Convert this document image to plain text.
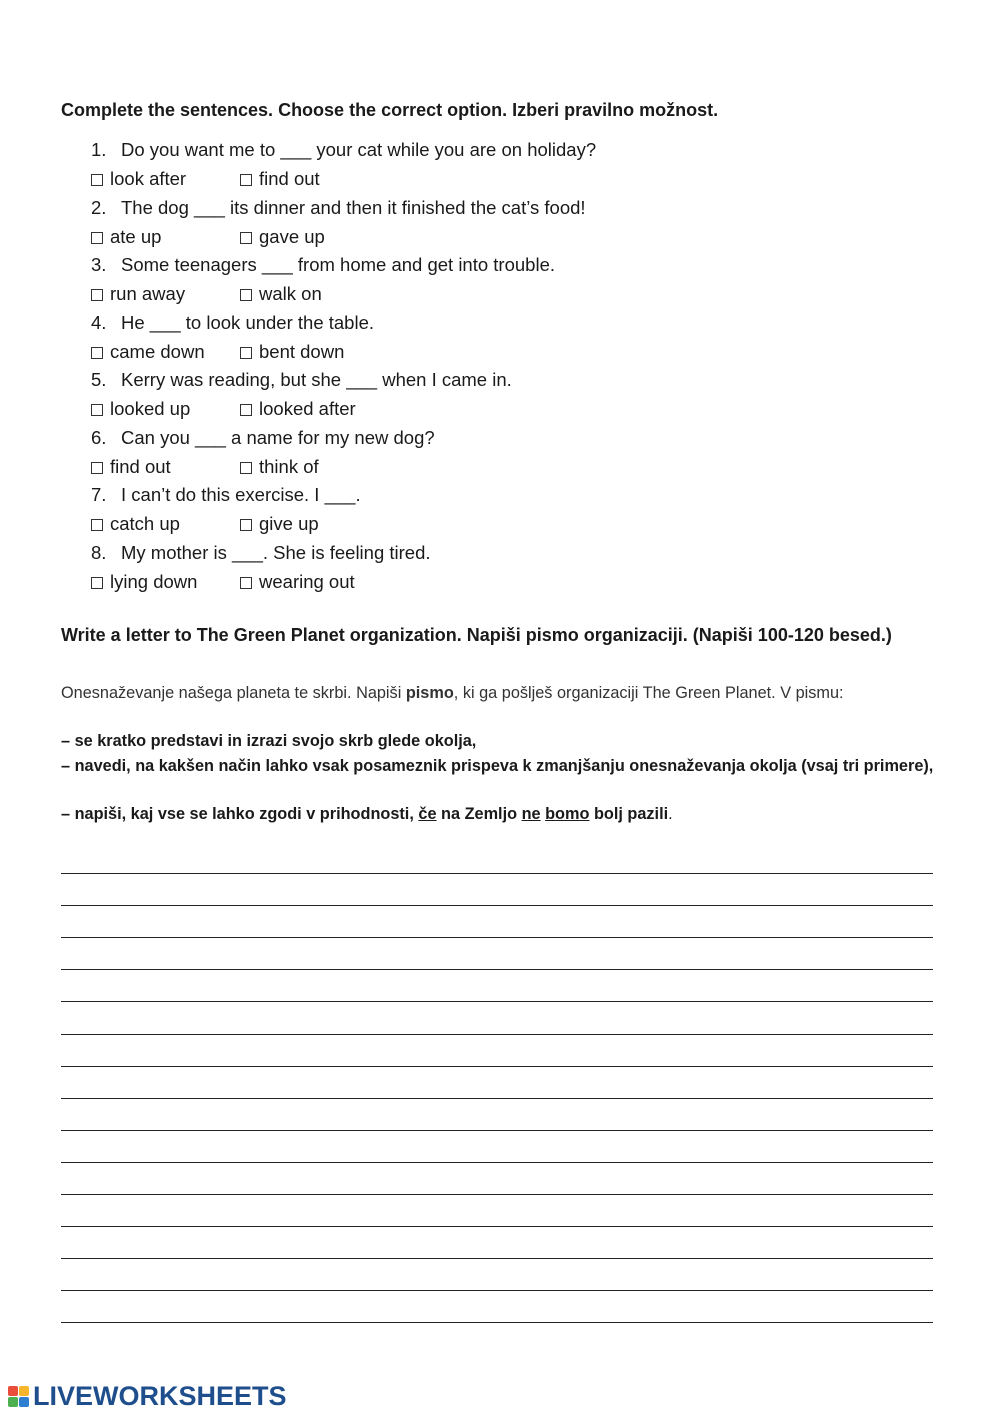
Complete the sentences. Choose the correct option. Izberi pravilno možnost.
1. Do you want me to ___ your cat while you are on holiday?
look after	find out
2. The dog ___ its dinner and then it finished the cat’s food!
ate up	gave up
3. Some teenagers ___ from home and get into trouble.
run away	walk on
4. He ___ to look under the table.
came down	bent down
5. Kerry was reading, but she ___ when I came in.
looked up	looked after
6. Can you ___ a name for my new dog?
find out	think of
7. I can’t do this exercise. I ___.
catch up	give up
8. My mother is ___. She is feeling tired.
lying down	wearing out
Write a letter to The Green Planet organization. Napiši pismo organizaciji. (Napiši 100-120 besed.)
Onesnaževanje našega planeta te skrbi. Napiši pismo, ki ga pošlješ organizaciji The Green Planet. V pismu:
– se kratko predstavi in izrazi svojo skrb glede okolja,
– navedi, na kakšen način lahko vsak posameznik prispeva k zmanjšanju onesnaževanja okolja (vsaj tri primere),
– napiši, kaj vse se lahko zgodi v prihodnosti, če na Zemljo ne bomo bolj pazili.
LIVEWORKSHEETS
